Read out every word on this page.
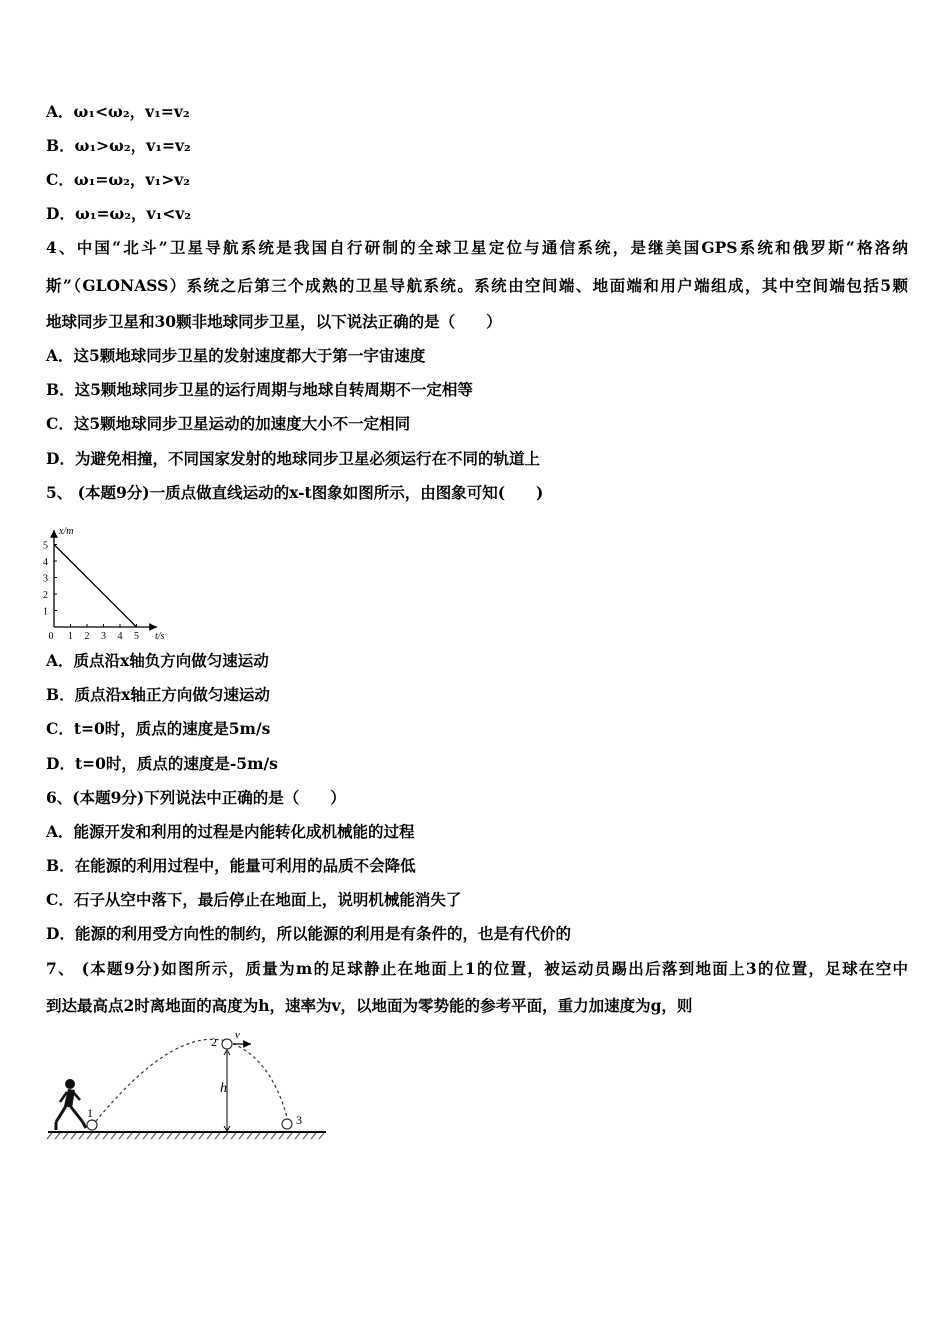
A．ω₁<ω₂，v₁=v₂

B．ω₁>ω₂，v₁=v₂

C．ω₁=ω₂，v₁>v₂

D．ω₁=ω₂，v₁<v₂

4、中国“北斗”卫星导航系统是我国自行研制的全球卫星定位与通信系统，是继美国GPS系统和俄罗斯“格洛纳

斯”（GLONASS）系统之后第三个成熟的卫星导航系统。系统由空间端、地面端和用户端组成，其中空间端包括5颗

地球同步卫星和30颗非地球同步卫星，以下说法正确的是（　　）

A．这5颗地球同步卫星的发射速度都大于第一宇宙速度

B．这5颗地球同步卫星的运行周期与地球自转周期不一定相等

C．这5颗地球同步卫星运动的加速度大小不一定相同

D．为避免相撞，不同国家发射的地球同步卫星必须运行在不同的轨道上

5、 (本题9分)一质点做直线运动的x-t图象如图所示，由图象可知(　　)

x/m
t/s
0 1 2 3 4 5
1
2
3
4
5

A．质点沿x轴负方向做匀速运动

B．质点沿x轴正方向做匀速运动

C．t=0时，质点的速度是5m/s

D．t=0时，质点的速度是-5m/s

6、(本题9分)下列说法中正确的是（　　）

A．能源开发和利用的过程是内能转化成机械能的过程

B．在能源的利用过程中，能量可利用的品质不会降低

C．石子从空中落下，最后停止在地面上，说明机械能消失了

D．能源的利用受方向性的制约，所以能源的利用是有条件的，也是有代价的

7、 (本题9分)如图所示，质量为m的足球静止在地面上1的位置，被运动员踢出后落到地面上3的位置，足球在空中

到达最高点2时离地面的高度为h，速率为v，以地面为零势能的参考平面，重力加速度为g，则

1
2
3
v
h
